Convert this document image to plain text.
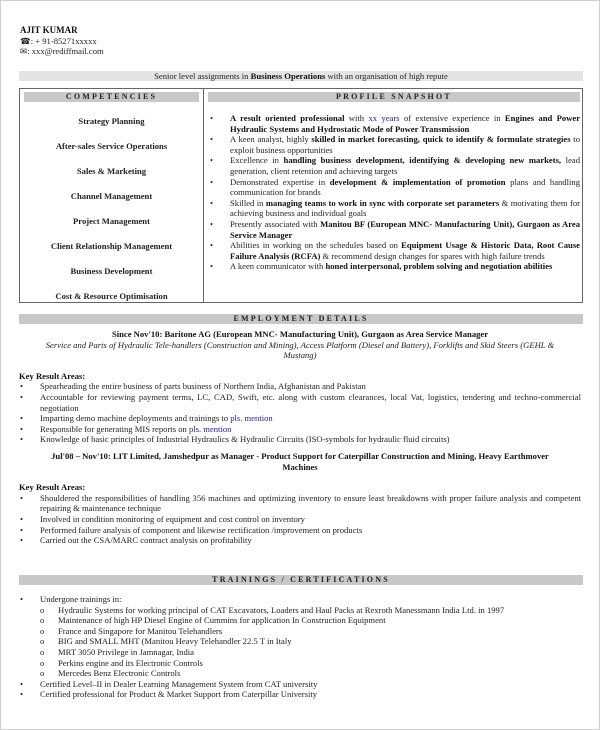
AJIT KUMAR
☎: + 91-85271xxxxx
✉: xxx@rediffmail.com
Senior level assignments in Business Operations with an organisation of high repute
COMPETENCIES	PROFILE SNAPSHOT
Strategy Planning
After-sales Service Operations
Sales & Marketing
Channel Management
Project Management
Client Relationship Management
Business Development
Cost & Resource Optimisation
• A result oriented professional with xx years of extensive experience in Engines and Power Hydraulic Systems and Hydrostatic Mode of Power Transmission
• A keen analyst, highly skilled in market forecasting, quick to identify & formulate strategies to exploit business opportunities
• Excellence in handling business development, identifying & developing new markets, lead generation, client retention and achieving targets
• Demonstrated expertise in development & implementation of promotion plans and handling communication for brands
• Skilled in managing teams to work in sync with corporate set parameters & motivating them for achieving business and individual goals
• Presently associated with Manitou BF (European MNC- Manufacturing Unit), Gurgaon as Area Service Manager
• Abilities in working on the schedules based on Equipment Usage & Historic Data, Root Cause Failure Analysis (RCFA) & recommend design changes for spares with high failure trends
• A keen communicator with honed interpersonal, problem solving and negotiation abilities
EMPLOYMENT DETAILS
Since Nov'10: Baritone AG (European MNC- Manufacturing Unit), Gurgaon as Area Service Manager
Service and Parts of Hydraulic Tele-handlers (Construction and Mining), Access Platform (Diesel and Battery), Forklifts and Skid Steers (GEHL & Mustang)
Key Result Areas:
• Spearheading the entire business of parts business of Northern India, Afghanistan and Pakistan
• Accountable for reviewing payment terms, LC, CAD, Swift, etc. along with custom clearances, local Vat, logistics, tendering and techno-commercial negotiation
• Imparting demo machine deployments and trainings to pls. mention
• Responsible for generating MIS reports on pls. mention
• Knowledge of basic principles of Industrial Hydraulics & Hydraulic Circuits (ISO-symbols for hydraulic fluid circuits)
Jul'08 – Nov'10: LIT Limited, Jamshedpur as Manager - Product Support for Caterpillar Construction and Mining, Heavy Earthmover Machines
Key Result Areas:
• Shouldered the responsibilities of handling 356 machines and optimizing inventory to ensure least breakdowns with proper failure analysis and competent repairing & maintenance technique
• Involved in condition monitoring of equipment and cost control on inventory
• Performed failure analysis of component and likewise rectification /improvement on products
• Carried out the CSA/MARC contract analysis on profitability
TRAININGS / CERTIFICATIONS
• Undergone trainings in:
o Hydraulic Systems for working principal of CAT Excavators, Loaders and Haul Packs at Rexroth Manessmann India Ltd. in 1997
o Maintenance of high HP Diesel Engine of Cummins for application In Construction Equipment
o France and Singapore for Manitou Telehandlers
o BIG and SMALL MHT (Manitou Heavy Telehandler 22.5 T in Italy
o MRT 3050 Privilege in Jamnagar, India
o Perkins engine and its Electronic Controls
o Mercedes Benz Electronic Controls
• Certified Level–II in Dealer Learning Management System from CAT university
• Certified professional for Product & Market Support from Caterpillar University
